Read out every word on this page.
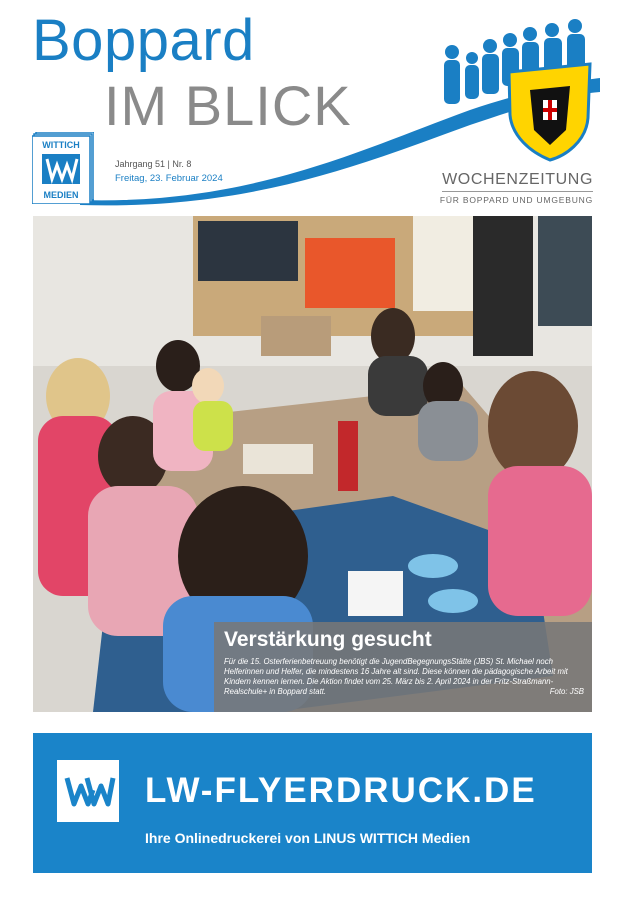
Boppard
IM BLICK
WITTICH
MEDIEN
Jahrgang 51 | Nr. 8
Freitag, 23. Februar 2024	WOCHENZEITUNG
FÜR BOPPARD UND UMGEBUNG
Verstärkung gesucht
Für die 15. Osterferienbetreuung benötigt die JugendBegegnungsStätte (JBS) St. Michael noch Helferinnen und Helfer, die mindestens 16 Jahre alt sind. Diese können die pädagogische Arbeit mit Kindern kennen lernen. Die Aktion findet vom 25. März bis 2. April 2024 in der Fritz-Straßmann-Realschule+ in Boppard statt.	Foto: JSB
LW-FLYERDRUCK.DE
Ihre Onlinedruckerei von LINUS WITTICH Medien
